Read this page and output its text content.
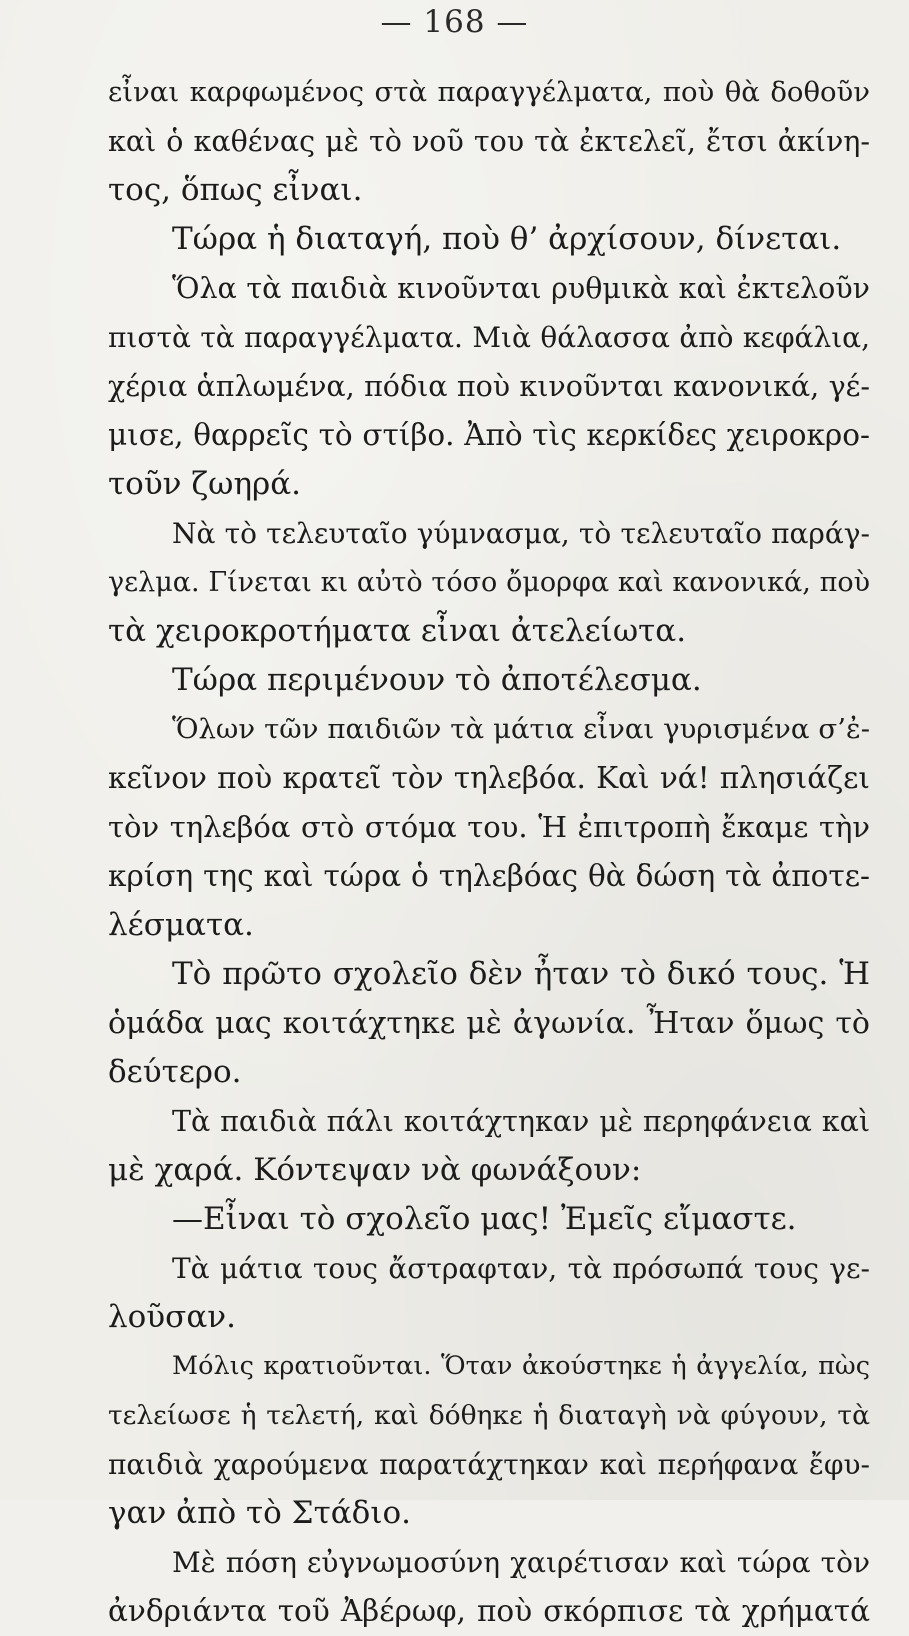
— 168 —
εἶναι καρφωμένος στὰ παραγγέλματα, ποὺ θὰ δοθοῦν
καὶ ὁ καθένας μὲ τὸ νοῦ του τὰ ἐκτελεῖ, ἔτσι ἀκίνη-
τος, ὅπως εἶναι.
Τώρα ἡ διαταγή, ποὺ θ’ ἀρχίσουν, δίνεται.
Ὅλα τὰ παιδιὰ κινοῦνται ρυθμικὰ καὶ ἐκτελοῦν
πιστὰ τὰ παραγγέλματα. Μιὰ θάλασσα ἀπὸ κεφάλια,
χέρια ἁπλωμένα, πόδια ποὺ κινοῦνται κανονικά, γέ-
μισε, θαρρεῖς τὸ στίβο. Ἀπὸ τὶς κερκίδες χειροκρο-
τοῦν ζωηρά.
Νὰ τὸ τελευταῖο γύμνασμα, τὸ τελευταῖο παράγ-
γελμα. Γίνεται κι αὐτὸ τόσο ὄμορφα καὶ κανονικά, ποὺ
τὰ χειροκροτήματα εἶναι ἀτελείωτα.
Τώρα περιμένουν τὸ ἀποτέλεσμα.
Ὅλων τῶν παιδιῶν τὰ μάτια εἶναι γυρισμένα σ’ἐ-
κεῖνον ποὺ κρατεῖ τὸν τηλεβόα. Καὶ νά! πλησιάζει
τὸν τηλεβόα στὸ στόμα του. Ἡ ἐπιτροπὴ ἔκαμε τὴν
κρίση της καὶ τώρα ὁ τηλεβόας θὰ δώση τὰ ἀποτε-
λέσματα.
Τὸ πρῶτο σχολεῖο δὲν ἦταν τὸ δικό τους. Ἡ
ὁμάδα μας κοιτάχτηκε μὲ ἀγωνία. Ἦταν ὅμως τὸ
δεύτερο.
Τὰ παιδιὰ πάλι κοιτάχτηκαν μὲ περηφάνεια καὶ
μὲ χαρά. Κόντεψαν νὰ φωνάξουν:
—Εἶναι τὸ σχολεῖο μας! Ἐμεῖς εἴμαστε.
Τὰ μάτια τους ἄστραφταν, τὰ πρόσωπά τους γε-
λοῦσαν.
Μόλις κρατιοῦνται. Ὅταν ἀκούστηκε ἡ ἀγγελία, πὼς
τελείωσε ἡ τελετή, καὶ δόθηκε ἡ διαταγὴ νὰ φύγουν, τὰ
παιδιὰ χαρούμενα παρατάχτηκαν καὶ περήφανα ἔφυ-
γαν ἀπὸ τὸ Στάδιο.
Μὲ πόση εὐγνωμοσύνη χαιρέτισαν καὶ τώρα τὸν
ἀνδριάντα τοῦ Ἀβέρωφ, ποὺ σκόρπισε τὰ χρήματά
